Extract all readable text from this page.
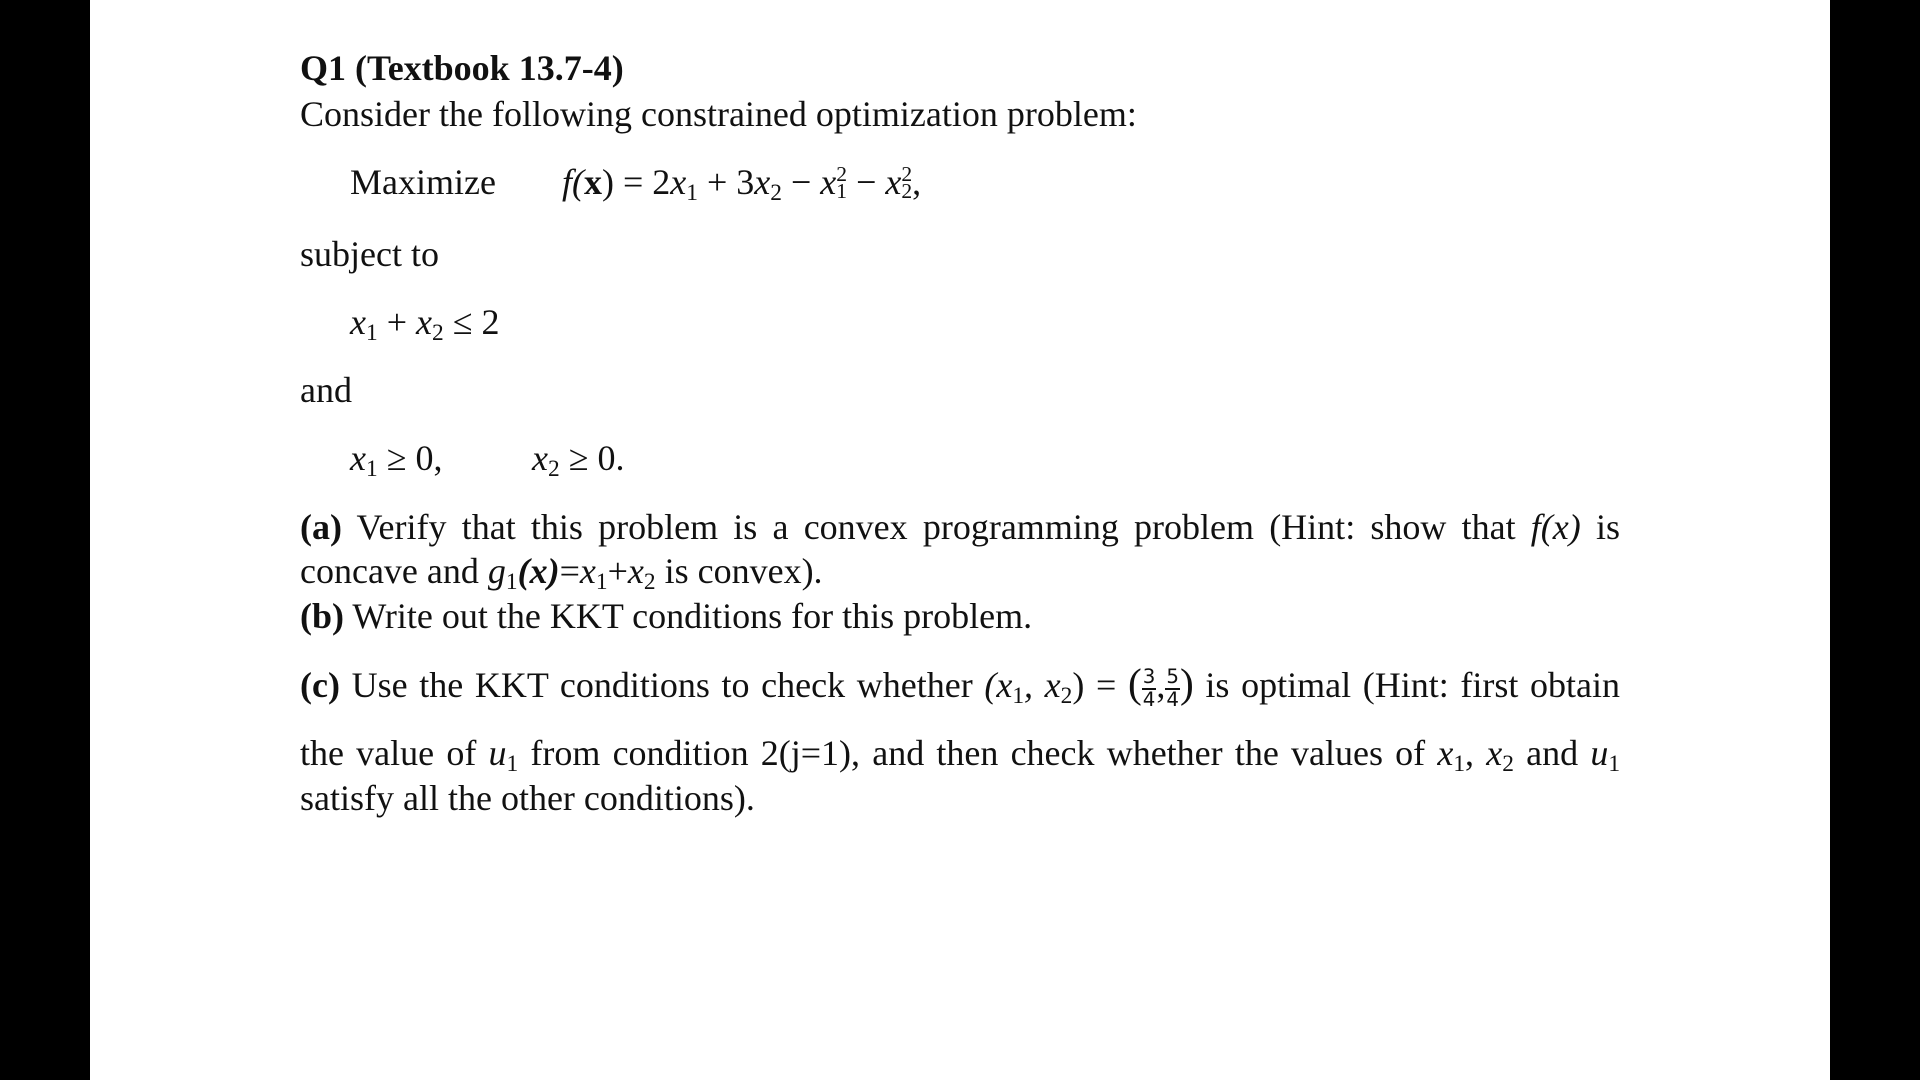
Q1 (Textbook 13.7-4)
Consider the following constrained optimization problem:
Maximize $f(x) = 2x_1 + 3x_2 - x$ 2
1 − x 2
2 ,
subject to
$x_1 + x_2 \le 2$
and
$x_1 \ge 0$, $x_2 \ge 0$.
(a) Verify that this problem is a convex programming problem (Hint: show that f(x) is
concave and $g_1(x)=x_1+x_2$ is convex).
(b) Write out the KKT conditions for this problem.
(c) Use the KKT conditions to check whether ($x_1$, $x_2$) = ( $\frac{3}{4}$ , $\frac{5}{4}$ ) is optimal (Hint: first obtain
the value of $u_1$ from condition 2(j=1), and then check whether the values of $x_1$, $x_2$ and $u_1$
satisfy all the other conditions).
